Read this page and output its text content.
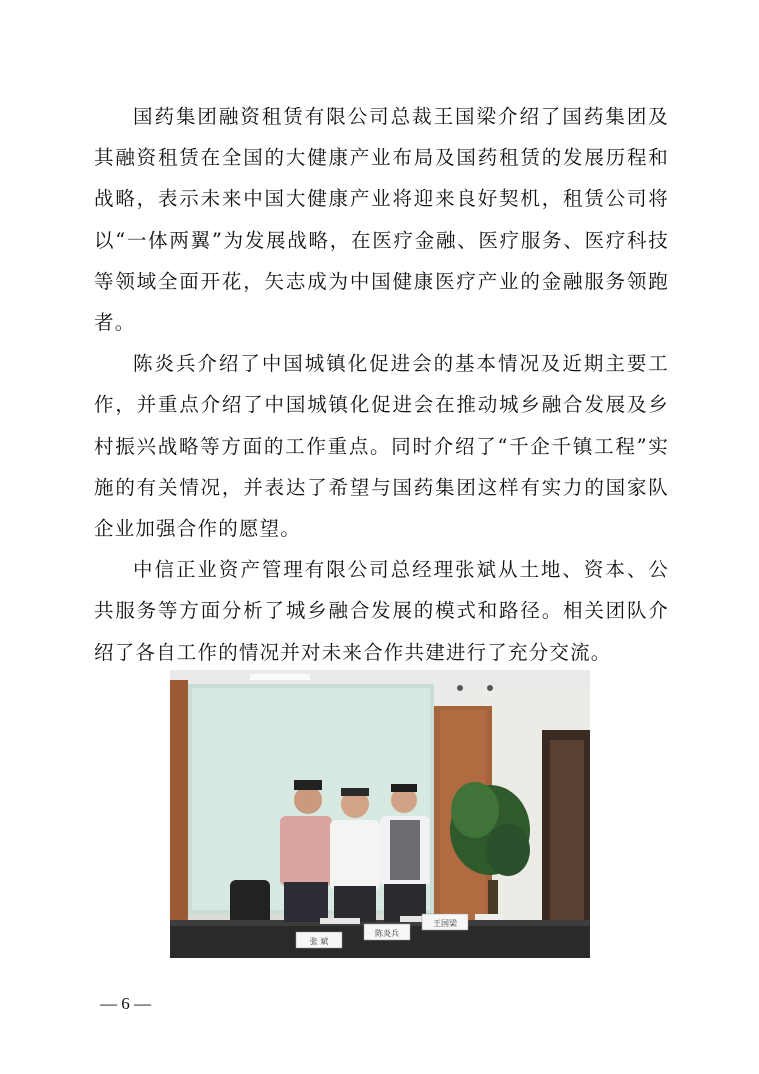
国药集团融资租赁有限公司总裁王国梁介绍了国药集团及其融资租赁在全国的大健康产业布局及国药租赁的发展历程和战略，表示未来中国大健康产业将迎来良好契机，租赁公司将以“一体两翼”为发展战略，在医疗金融、医疗服务、医疗科技等领域全面开花，矢志成为中国健康医疗产业的金融服务领跑者。

陈炎兵介绍了中国城镇化促进会的基本情况及近期主要工作，并重点介绍了中国城镇化促进会在推动城乡融合发展及乡村振兴战略等方面的工作重点。同时介绍了“千企千镇工程”实施的有关情况，并表达了希望与国药集团这样有实力的国家队企业加强合作的愿望。

中信正业资产管理有限公司总经理张斌从土地、资本、公共服务等方面分析了城乡融合发展的模式和路径。相关团队介绍了各自工作的情况并对未来合作共建进行了充分交流。

张 斌
陈炎兵
王国梁
— 6 —
